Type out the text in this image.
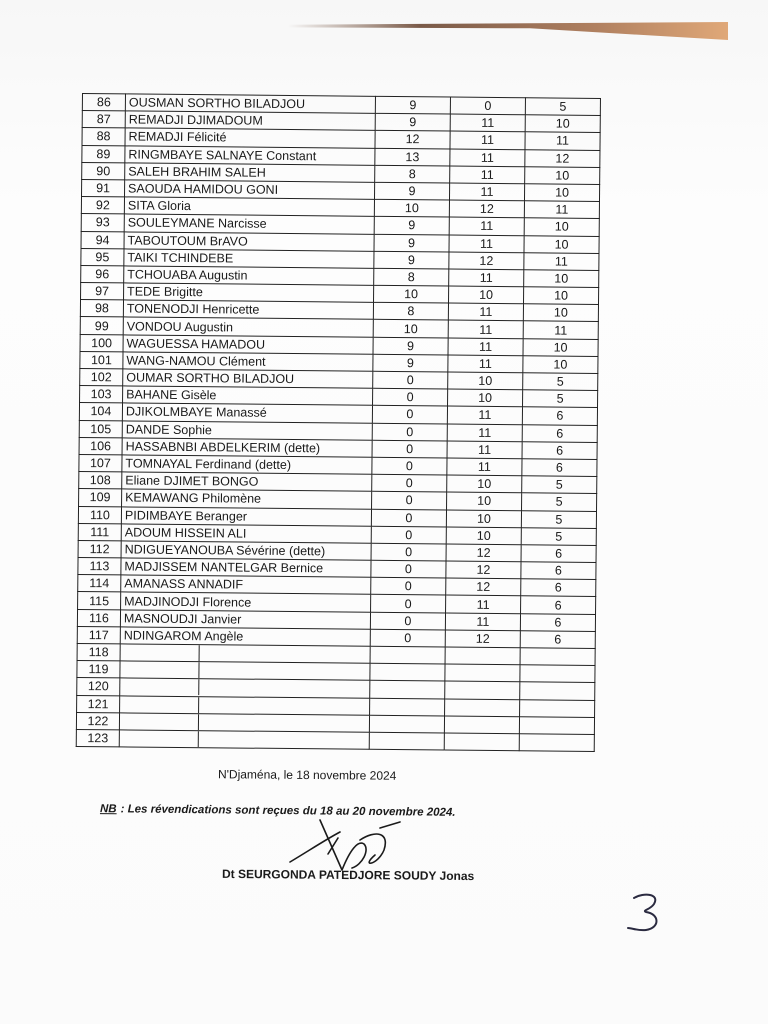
86	OUSMAN SORTHO BILADJOU	9	0	5
87	REMADJI DJIMADOUM	9	11	10
88	REMADJI Félicité	12	11	11
89	RINGMBAYE SALNAYE Constant	13	11	12
90	SALEH BRAHIM SALEH	8	11	10
91	SAOUDA HAMIDOU GONI	9	11	10
92	SITA Gloria	10	12	11
93	SOULEYMANE Narcisse	9	11	10
94	TABOUTOUM BrAVO	9	11	10
95	TAIKI TCHINDEBE	9	12	11
96	TCHOUABA Augustin	8	11	10
97	TEDE Brigitte	10	10	10
98	TONENODJI Henricette	8	11	10
99	VONDOU Augustin	10	11	11
100	WAGUESSA HAMADOU	9	11	10
101	WANG-NAMOU Clément	9	11	10
102	OUMAR SORTHO BILADJOU	0	10	5
103	BAHANE Gisèle	0	10	5
104	DJIKOLMBAYE Manassé	0	11	6
105	DANDE Sophie	0	11	6
106	HASSABNBI ABDELKERIM (dette)	0	11	6
107	TOMNAYAL Ferdinand (dette)	0	11	6
108	Eliane DJIMET BONGO	0	10	5
109	KEMAWANG Philomène	0	10	5
110	PIDIMBAYE Beranger	0	10	5
111	ADOUM HISSEIN ALI	0	10	5
112	NDIGUEYANOUBA Sévérine (dette)	0	12	6
113	MADJISSEM NANTELGAR Bernice	0	12	6
114	AMANASS ANNADIF	0	12	6
115	MADJINODJI Florence	0	11	6
116	MASNOUDJI Janvier	0	11	6
117	NDINGAROM Angèle	0	12	6
118	

119	

120	

121	

122	

123	

N'Djaména, le 18 novembre 2024
NB : Les révendications sont reçues du 18 au 20 novembre 2024.
Dt SEURGONDA PATEDJORE SOUDY Jonas
